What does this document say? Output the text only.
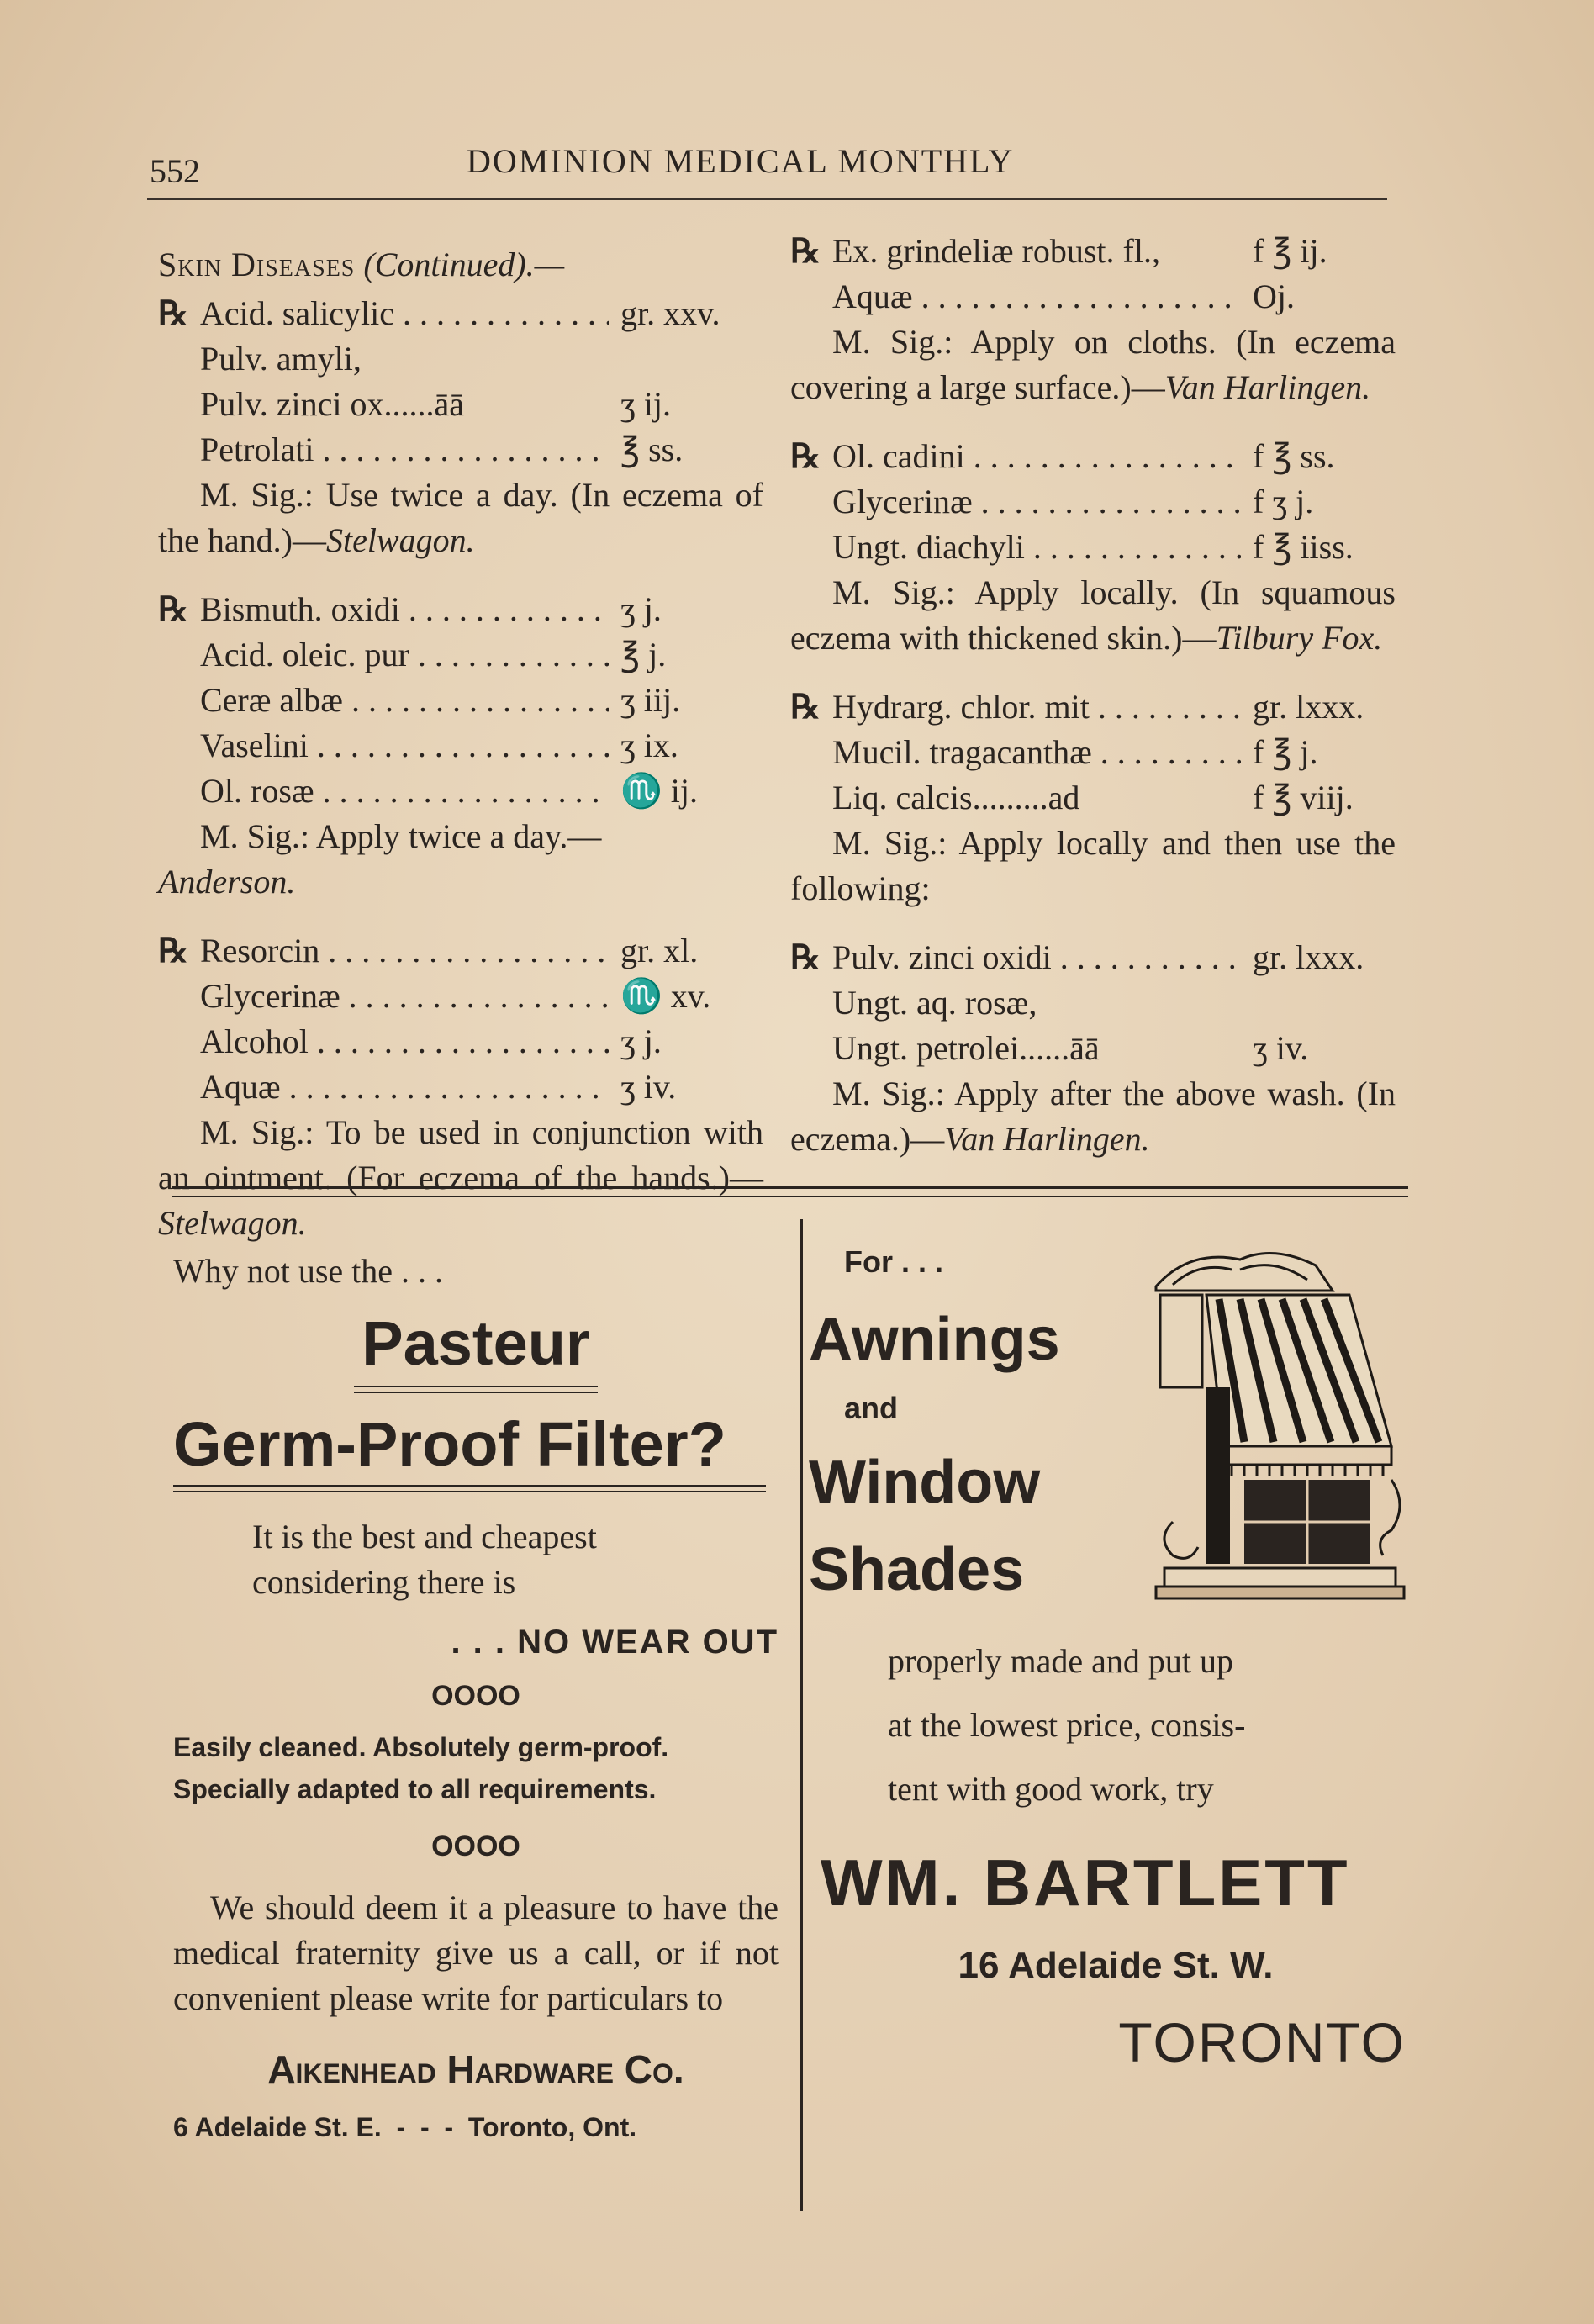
552	DOMINION MEDICAL MONTHLY
Skin Diseases (Continued).—
℞ Acid. salicylic . . .	gr. xxv.
Pulv. amyli,
Pulv. zinci ox......āā	ʒ ij.
Petrolati . . .	℥ ss.
M. Sig.: Use twice a day. (In eczema of the hand.)—Stelwagon.
℞ Bismuth. oxidi . . .	ʒ j.
Acid. oleic. pur . . .	℥ j.
Ceræ albæ . . .	ʒ iij.
Vaselini . . .	ʒ ix.
Ol. rosæ . . .	♏ ij.
M. Sig.: Apply twice a day.—
Anderson.
℞ Resorcin . . .	gr. xl.
Glycerinæ . . .	♏ xv.
Alcohol . . .	ʒ j.
Aquæ . . .	ʒ iv.
M. Sig.: To be used in conjunction with an ointment. (For eczema of the hands.)—Stelwagon.
℞ Ex. grindeliæ robust. fl.,	f ℥ ij.
Aquæ . . .	Oj.
M. Sig.: Apply on cloths. (In eczema covering a large surface.)—Van Harlingen.
℞ Ol. cadini . . .	f ℥ ss.
Glycerinæ . . .	f ʒ j.
Ungt. diachyli . . .	f ℥ iiss.
M. Sig.: Apply locally. (In squamous eczema with thickened skin.)—Tilbury Fox.
℞ Hydrarg. chlor. mit . . .	gr. lxxx.
Mucil. tragacanthæ . . .	f ℥ j.
Liq. calcis.........ad	f ℥ viij.
M. Sig.: Apply locally and then use the following:
℞ Pulv. zinci oxidi . . .	gr. lxxx.
Ungt. aq. rosæ,
Ungt. petrolei......āā	ʒ iv.
M. Sig.: Apply after the above wash. (In eczema.)—Van Harlingen.
Why not use the . . .
Pasteur
Germ-Proof Filter?
It is the best and cheapest
considering there is
. . . NO WEAR OUT
OOOO
Easily cleaned. Absolutely germ-proof.
Specially adapted to all requirements.
OOOO
We should deem it a pleasure to have the medical fraternity give us a call, or if not convenient please write for particulars to
Aikenhead Hardware Co.
6 Adelaide St. E.  -  -  -  Toronto, Ont.
For . . .
Awnings
and
Window
Shades
properly made and put up
at the lowest price, consis-
tent with good work, try
WM. BARTLETT
16 Adelaide St. W.
TORONTO
